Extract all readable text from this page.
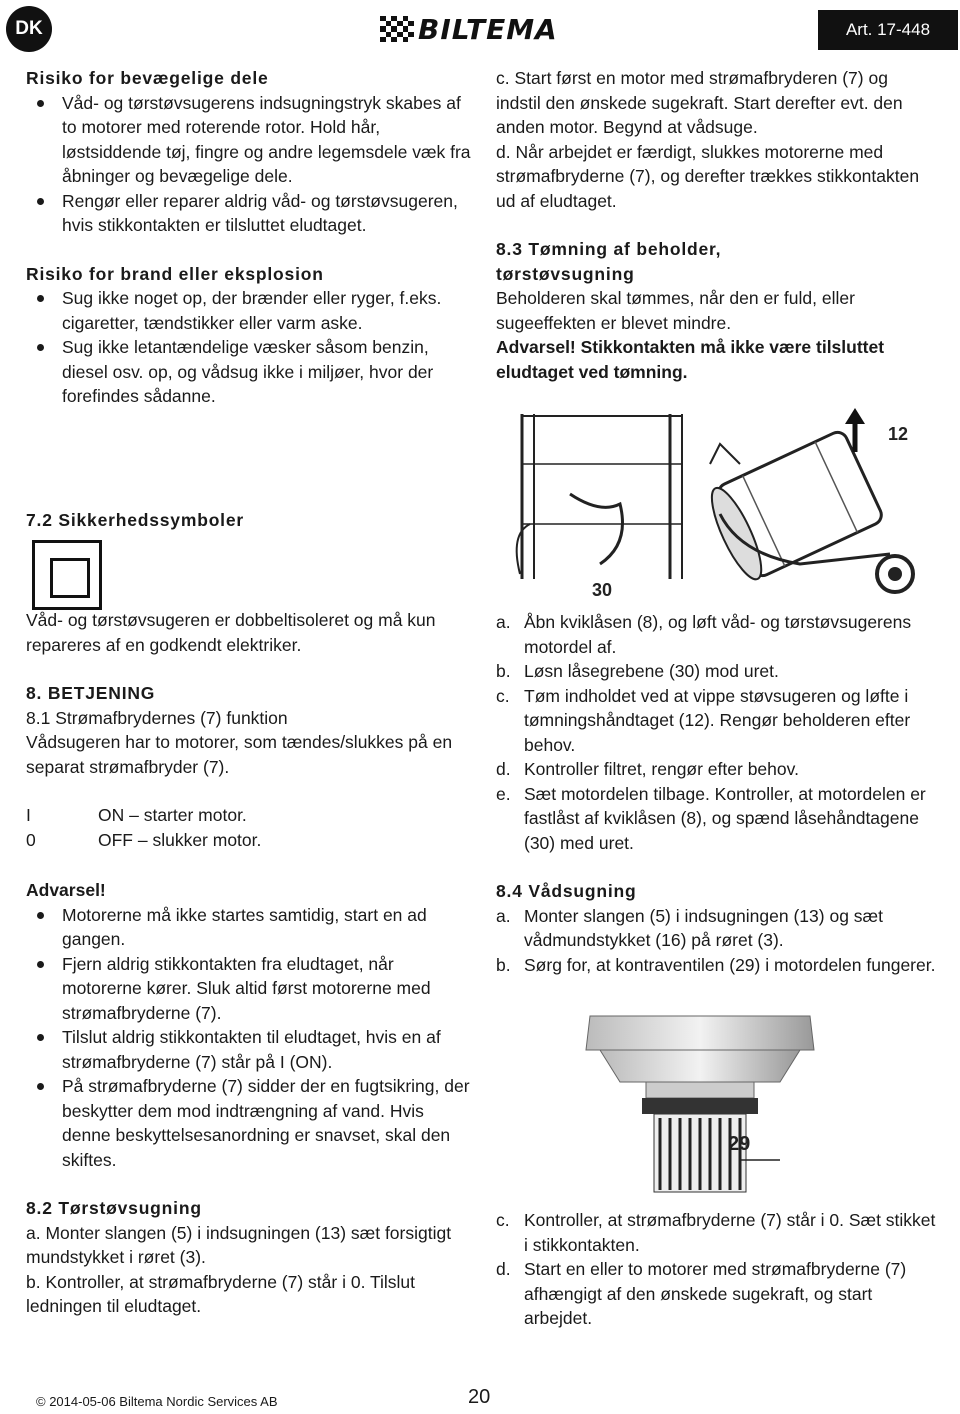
DK	BILTEMA	Art. 17-448
Risiko for bevægelige dele
Våd- og tørstøvsugerens indsugningstryk skabes af to motorer med roterende rotor. Hold hår, løstsiddende tøj, fingre og andre legemsdele væk fra åbninger og bevægelige dele.
Rengør eller reparer aldrig våd- og tørstøvsugeren, hvis stikkontakten er tilsluttet eludtaget.
Risiko for brand eller eksplosion
Sug ikke noget op, der brænder eller ryger, f.eks. cigaretter, tændstikker eller varm aske.
Sug ikke letantændelige væsker såsom benzin, diesel osv. op, og vådsug ikke i miljøer, hvor der forefindes sådanne.
7.2 Sikkerhedssymboler
c. Start først en motor med strømafbryderen (7) og indstil den ønskede sugekraft. Start derefter evt. den anden motor. Begynd at vådsuge.
d. Når arbejdet er færdigt, slukkes motorerne med strømafbryderne (7), og derefter trækkes stikkontakten ud af eludtaget.
8.3 Tømning af beholder,
tørstøvsugning
Beholderen skal tømmes, når den er fuld, eller sugeeffekten er blevet mindre.
Advarsel! Stikkontakten må ikke være tilsluttet eludtaget ved tømning.
12
30
Våd- og tørstøvsugeren er dobbeltisoleret og må kun repareres af en godkendt elektriker.
8. BETJENING
8.1 Strømafbrydernes (7) funktion
Vådsugeren har to motorer, som tændes/slukkes på en separat strømafbryder (7).
I	ON – starter motor.
0	OFF – slukker motor.
Advarsel!
Motorerne må ikke startes samtidig, start en ad gangen.
Fjern aldrig stikkontakten fra eludtaget, når motorerne kører. Sluk altid først motorerne med strømafbryderne (7).
Tilslut aldrig stikkontakten til eludtaget, hvis en af strømafbryderne (7) står på I (ON).
På strømafbryderne (7) sidder der en fugtsikring, der beskytter dem mod indtrængning af vand. Hvis denne beskyttelsesanordning er snavset, skal den skiftes.
8.2 Tørstøvsugning
a. Monter slangen (5) i indsugningen (13) sæt forsigtigt mundstykket i røret (3).
b. Kontroller, at strømafbryderne (7) står i 0. Tilslut ledningen til eludtaget.
a. Åbn kviklåsen (8), og løft våd- og tørstøvsugerens motordel af.
b. Løsn låsegrebene (30) mod uret.
c. Tøm indholdet ved at vippe støvsugeren og løfte i tømningshåndtaget (12). Rengør beholderen efter behov.
d. Kontroller filtret, rengør efter behov.
e. Sæt motordelen tilbage. Kontroller, at motordelen er fastlåst af kviklåsen (8), og spænd låsehåndtagene (30) med uret.
8.4 Vådsugning
a. Monter slangen (5) i indsugningen (13) og sæt vådmundstykket (16) på røret (3).
b. Sørg for, at kontraventilen (29) i motordelen fungerer.
29
c. Kontroller, at strømafbryderne (7) står i 0. Sæt stikket i stikkontakten.
d. Start en eller to motorer med strømafbryderne (7) afhængigt af den ønskede sugekraft, og start arbejdet.
© 2014-05-06 Biltema Nordic Services AB	20
